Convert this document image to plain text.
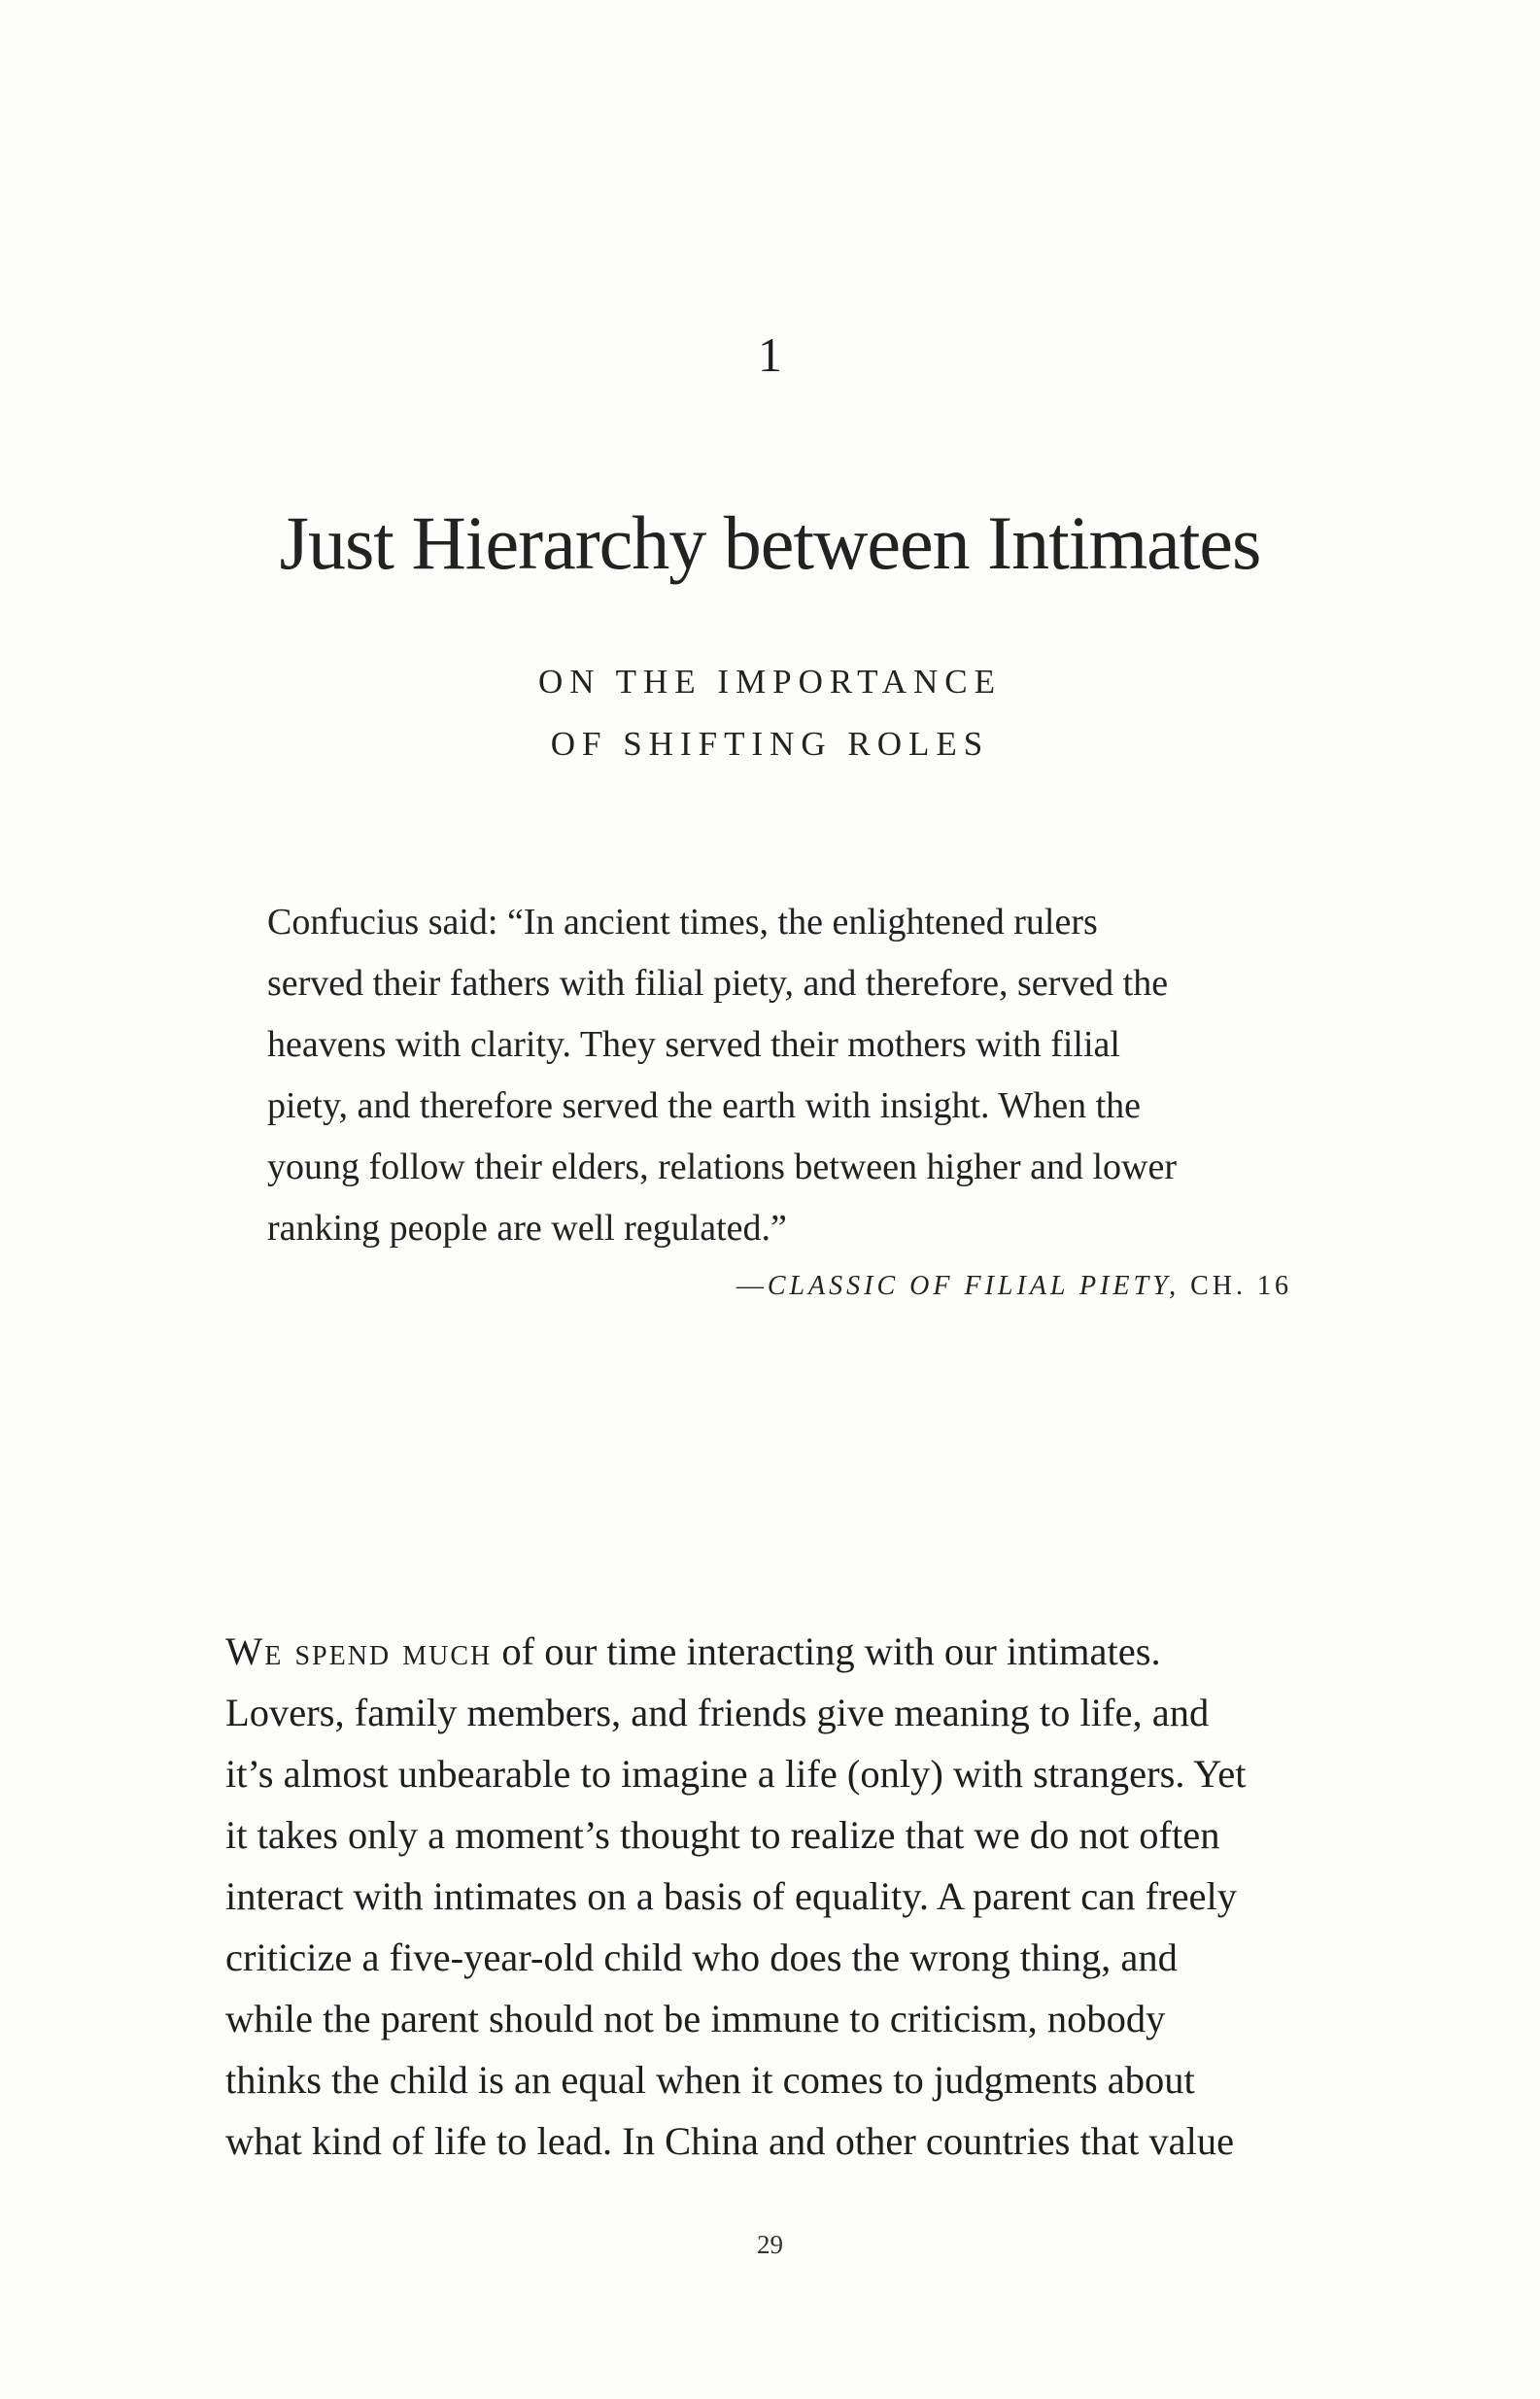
1
Just Hierarchy between Intimates
ON THE IMPORTANCE
OF SHIFTING ROLES
Confucius said: “In ancient times, the enlightened rulers
served their fathers with filial piety, and therefore, served the
heavens with clarity. They served their mothers with filial
piety, and therefore served the earth with insight. When the
young follow their elders, relations between higher and lower
ranking people are well regulated.”
—CLASSIC OF FILIAL PIETY, CH. 16
We spend much of our time interacting with our intimates.
Lovers, family members, and friends give meaning to life, and
it’s almost unbearable to imagine a life (only) with strangers. Yet
it takes only a moment’s thought to realize that we do not often
interact with intimates on a basis of equality. A parent can freely
criticize a five-year-old child who does the wrong thing, and
while the parent should not be immune to criticism, nobody
thinks the child is an equal when it comes to judgments about
what kind of life to lead. In China and other countries that value
29
